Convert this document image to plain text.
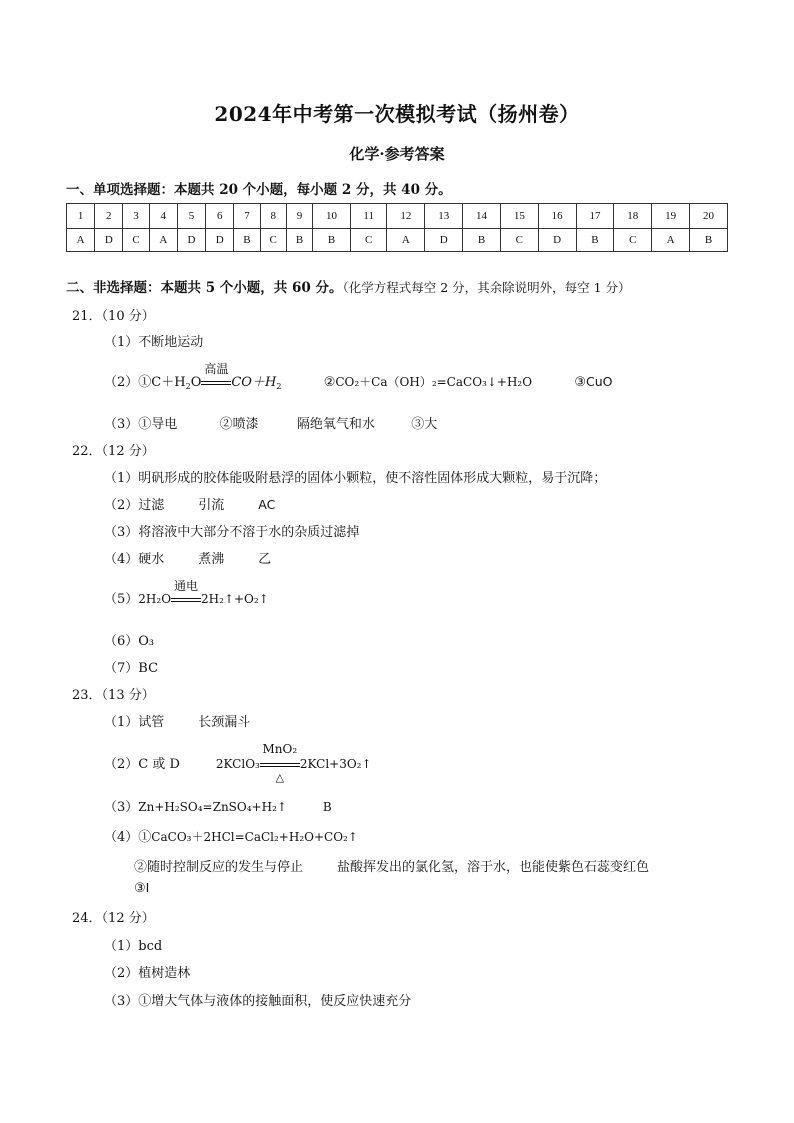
2024年中考第一次模拟考试（扬州卷）
化学·参考答案
一、单项选择题：本题共 20 个小题，每小题 2 分，共 40 分。
1	2	3	4	5	6	7	8	9	10	11	12	13	14	15	16	17	18	19	20
A	D	C	A	D	D	B	C	B	B	C	A	D	B	C	D	B	C	A	B
二、非选择题：本题共 5 个小题，共 60 分。（化学方程式每空 2 分，其余除说明外，每空 1 分）
21．（10 分）
（1）不断地运动
$(2)①C+H_2O$
高温
$CO+H_2$	②CO₂＋Ca（OH）₂=CaCO₃↓+H₂O	③CuO
（3）①导电	②喷漆	隔绝氧气和水	③大
22．（12 分）
（1）明矾形成的胶体能吸附悬浮的固体小颗粒，使不溶性固体形成大颗粒，易于沉降；
（2）过滤	引流	AC
（3）将溶液中大部分不溶于水的杂质过滤掉
（4）硬水	煮沸	乙
（5）2H₂O
通电
2H₂↑+O₂↑
（6）O₃
（7）BC
23．（13 分）
（1）试管	长颈漏斗
（2）C 或 D	2KClO₃
MnO₂
△
2KCl+3O₂↑
（3）Zn+H₂SO₄=ZnSO₄+H₂↑	B
（4）①CaCO₃＋2HCl=CaCl₂+H₂O+CO₂↑
②随时控制反应的发生与停止	盐酸挥发出的氯化氢，溶于水，也能使紫色石蕊变红色
③I
24．（12 分）
（1）bcd
（2）植树造林
（3）①增大气体与液体的接触面积，使反应快速充分
